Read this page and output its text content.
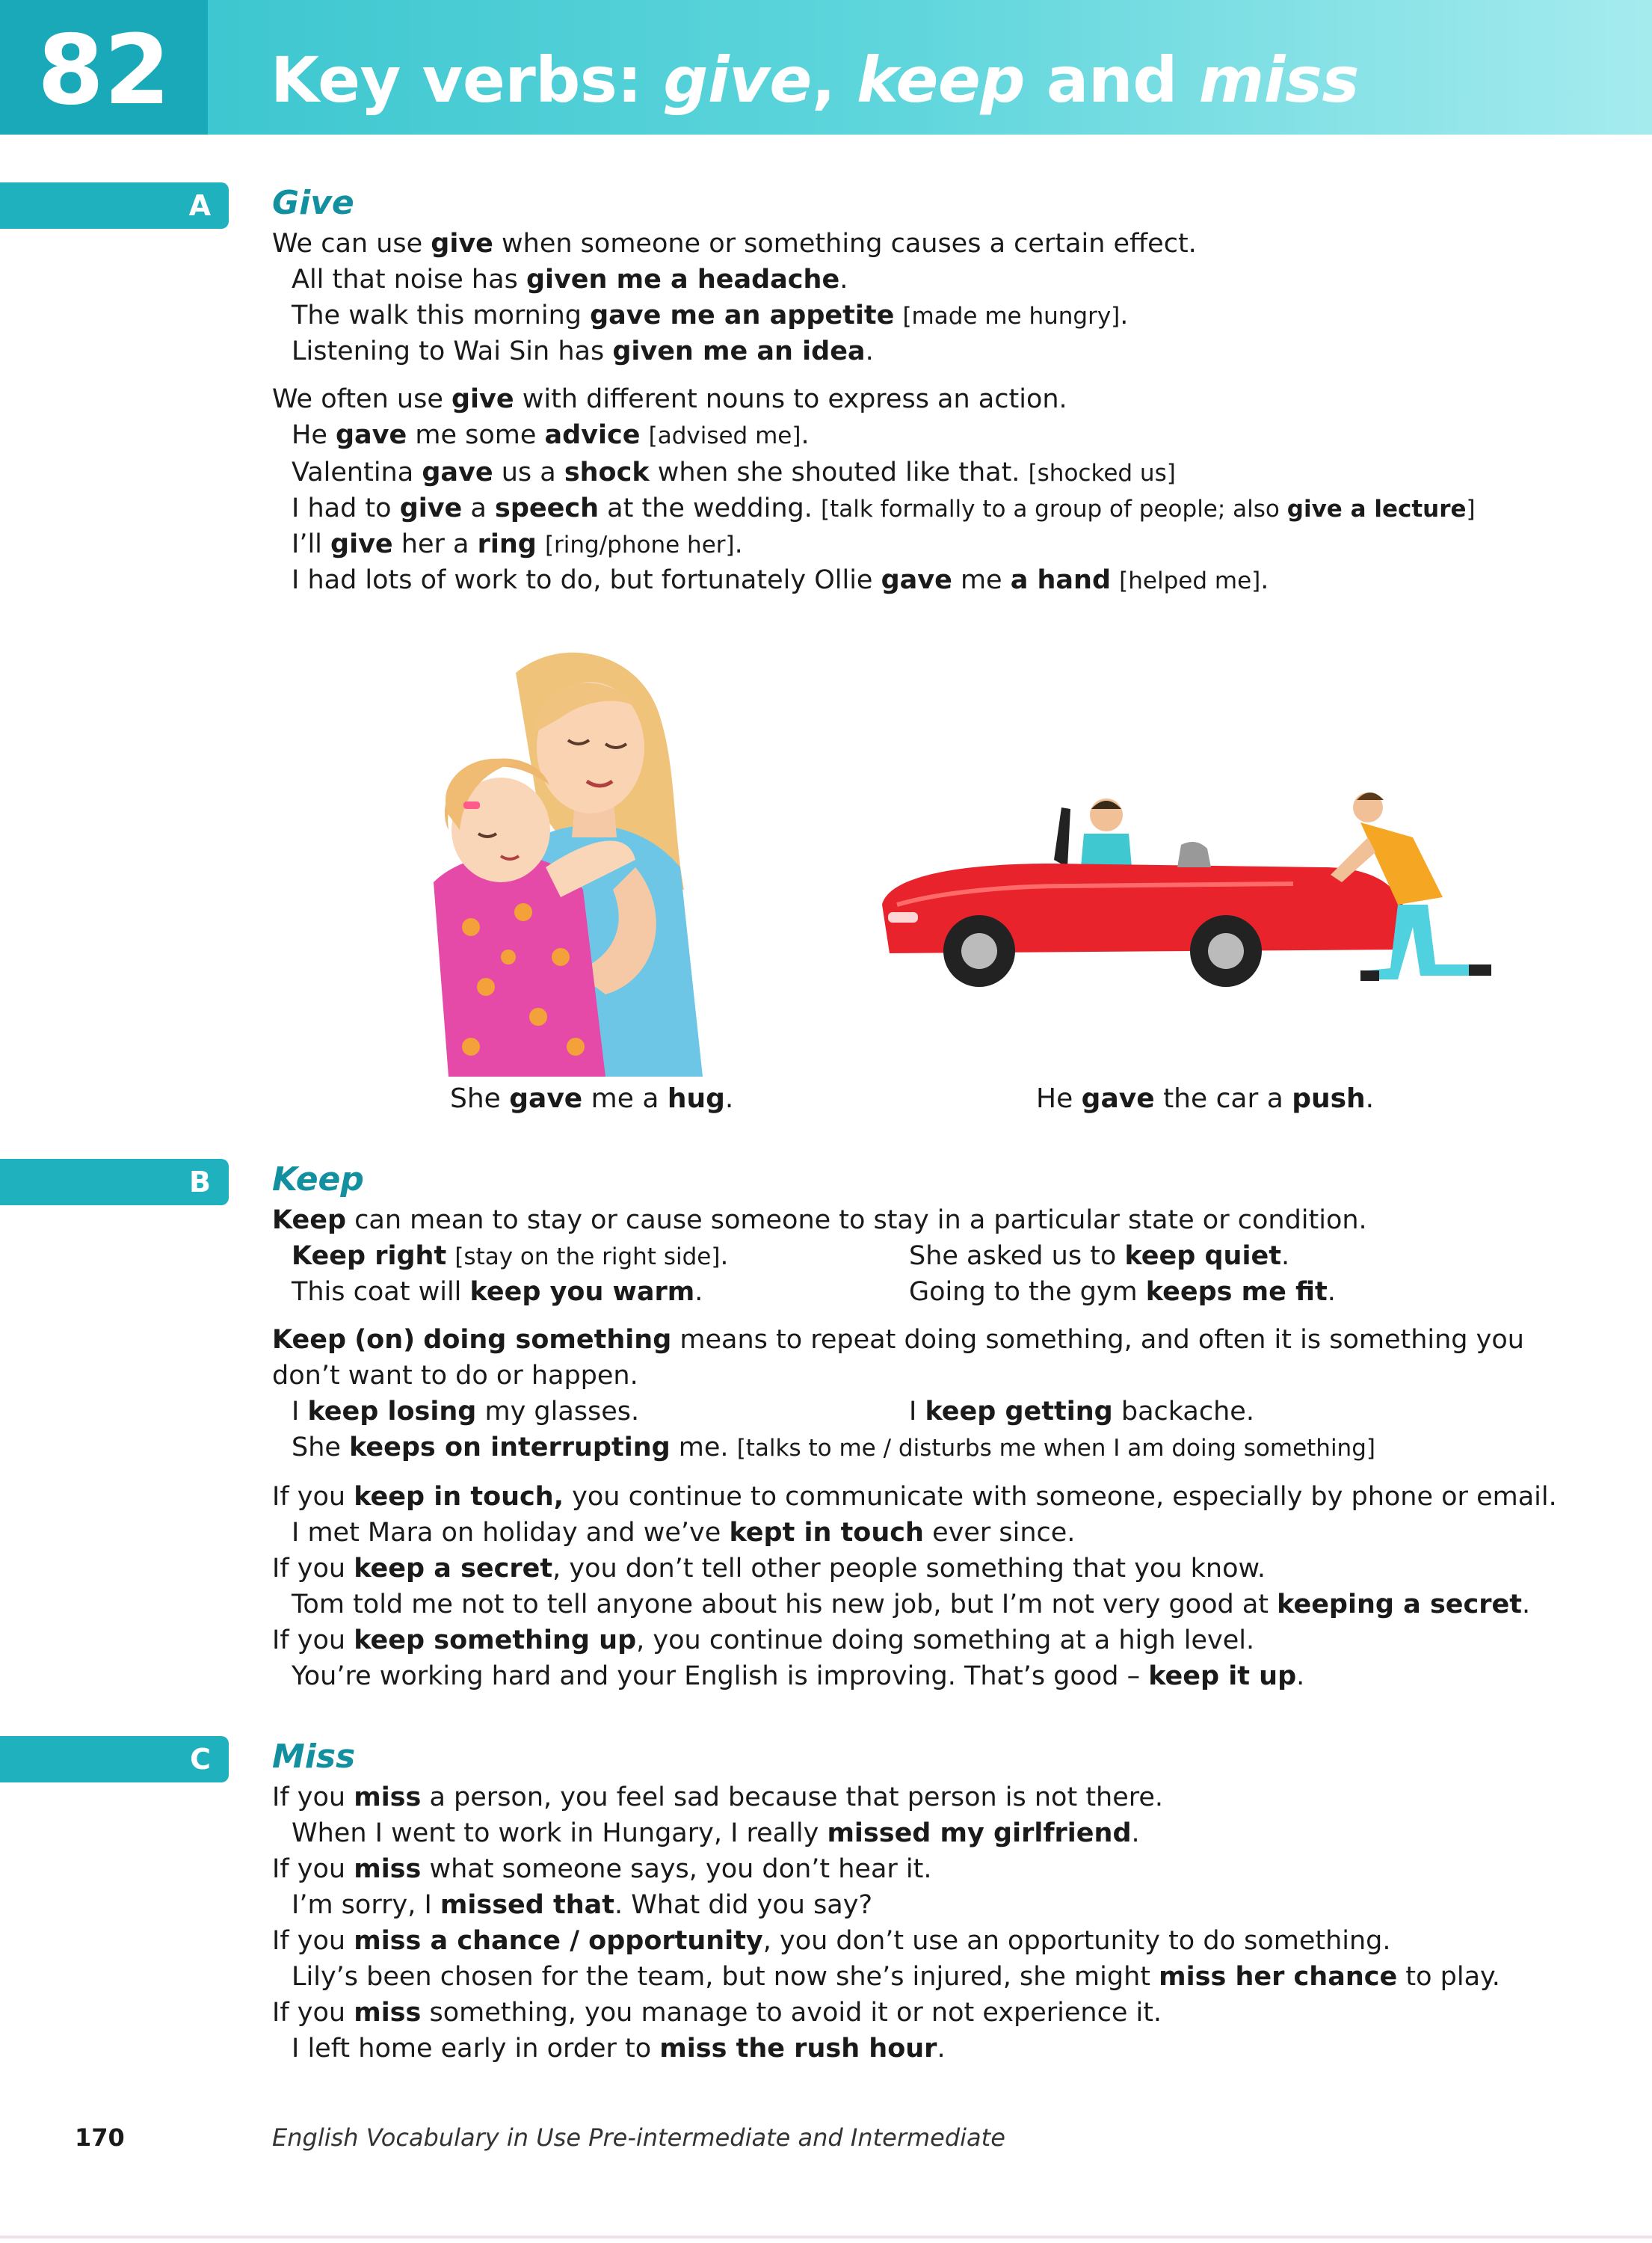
82	Key verbs: give, keep and miss
A Give
We can use give when someone or something causes a certain effect.
All that noise has given me a headache.
The walk this morning gave me an appetite [made me hungry].
Listening to Wai Sin has given me an idea.
We often use give with different nouns to express an action.
He gave me some advice [advised me].
Valentina gave us a shock when she shouted like that. [shocked us]
I had to give a speech at the wedding. [talk formally to a group of people; also give a lecture]
I’ll give her a ring [ring/phone her].
I had lots of work to do, but fortunately Ollie gave me a hand [helped me].
She gave me a hug.	He gave the car a push.
B Keep
Keep can mean to stay or cause someone to stay in a particular state or condition.
Keep right [stay on the right side].	She asked us to keep quiet.
This coat will keep you warm.	Going to the gym keeps me fit.
Keep (on) doing something means to repeat doing something, and often it is something you
don’t want to do or happen.
I keep losing my glasses.	I keep getting backache.
She keeps on interrupting me. [talks to me / disturbs me when I am doing something]
If you keep in touch, you continue to communicate with someone, especially by phone or email.
I met Mara on holiday and we’ve kept in touch ever since.
If you keep a secret, you don’t tell other people something that you know.
Tom told me not to tell anyone about his new job, but I’m not very good at keeping a secret.
If you keep something up, you continue doing something at a high level.
You’re working hard and your English is improving. That’s good – keep it up.
C Miss
If you miss a person, you feel sad because that person is not there.
When I went to work in Hungary, I really missed my girlfriend.
If you miss what someone says, you don’t hear it.
I’m sorry, I missed that. What did you say?
If you miss a chance / opportunity, you don’t use an opportunity to do something.
Lily’s been chosen for the team, but now she’s injured, she might miss her chance to play.
If you miss something, you manage to avoid it or not experience it.
I left home early in order to miss the rush hour.
170	English Vocabulary in Use Pre-intermediate and Intermediate
